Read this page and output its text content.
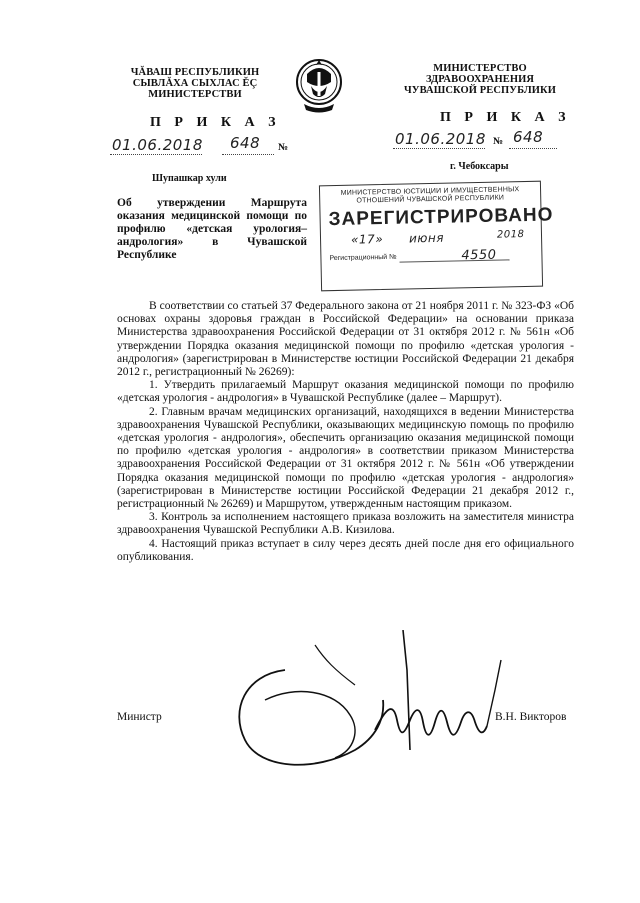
ЧĂВАШ РЕСПУБЛИКИН
СЫВЛĂХА СЫХЛАС ĔÇ
МИНИСТЕРСТВИ
П Р И К А З
01.06.2018 648 №
Шупашкар хули
МИНИСТЕРСТВО
ЗДРАВООХРАНЕНИЯ
ЧУВАШСКОЙ РЕСПУБЛИКИ
П Р И К А З
01.06.2018 № 648
г. Чебоксары
Об утверждении Маршрута оказания медицинской помощи по профилю «детская урология–андрология» в Чувашской Республике
МИНИСТЕРСТВО ЮСТИЦИИ И ИМУЩЕСТВЕННЫХ
ОТНОШЕНИЙ ЧУВАШСКОЙ РЕСПУБЛИКИ
ЗАРЕГИСТРИРОВАНО
«17» июня	2018
Регистрационный №	4550

В соответствии со статьей 37 Федерального закона от 21 ноября 2011 г. № 323-ФЗ «Об основах охраны здоровья граждан в Российской Федерации» на основании приказа Министерства здравоохранения Российской Федерации от 31 октября 2012 г. № 561н «Об утверждении Порядка оказания медицинской помощи по профилю «детская урология - андрология» (зарегистрирован в Министерстве юстиции Российской Федерации 21 декабря 2012 г., регистрационный № 26269):

1. Утвердить прилагаемый Маршрут оказания медицинской помощи по профилю «детская урология - андрология» в Чувашской Республике (далее – Маршрут).

2. Главным врачам медицинских организаций, находящихся в ведении Министерства здравоохранения Чувашской Республики, оказывающих медицинскую помощь по профилю «детская урология - андрология», обеспечить организацию оказания медицинской помощи по профилю «детская урология - андрология» в соответствии приказом Министерства здравоохранения Российской Федерации от 31 октября 2012 г. № 561н «Об утверждении Порядка оказания медицинской помощи по профилю «детская урология - андрология» (зарегистрирован в Министерстве юстиции Российской Федерации 21 декабря 2012 г., регистрационный № 26269) и Маршрутом, утвержденным настоящим приказом.

3. Контроль за исполнением настоящего приказа возложить на заместителя министра здравоохранения Чувашской Республики А.В. Кизилова.

4. Настоящий приказ вступает в силу через десять дней после дня его официального опубликования.

Министр	В.Н. Викторов
